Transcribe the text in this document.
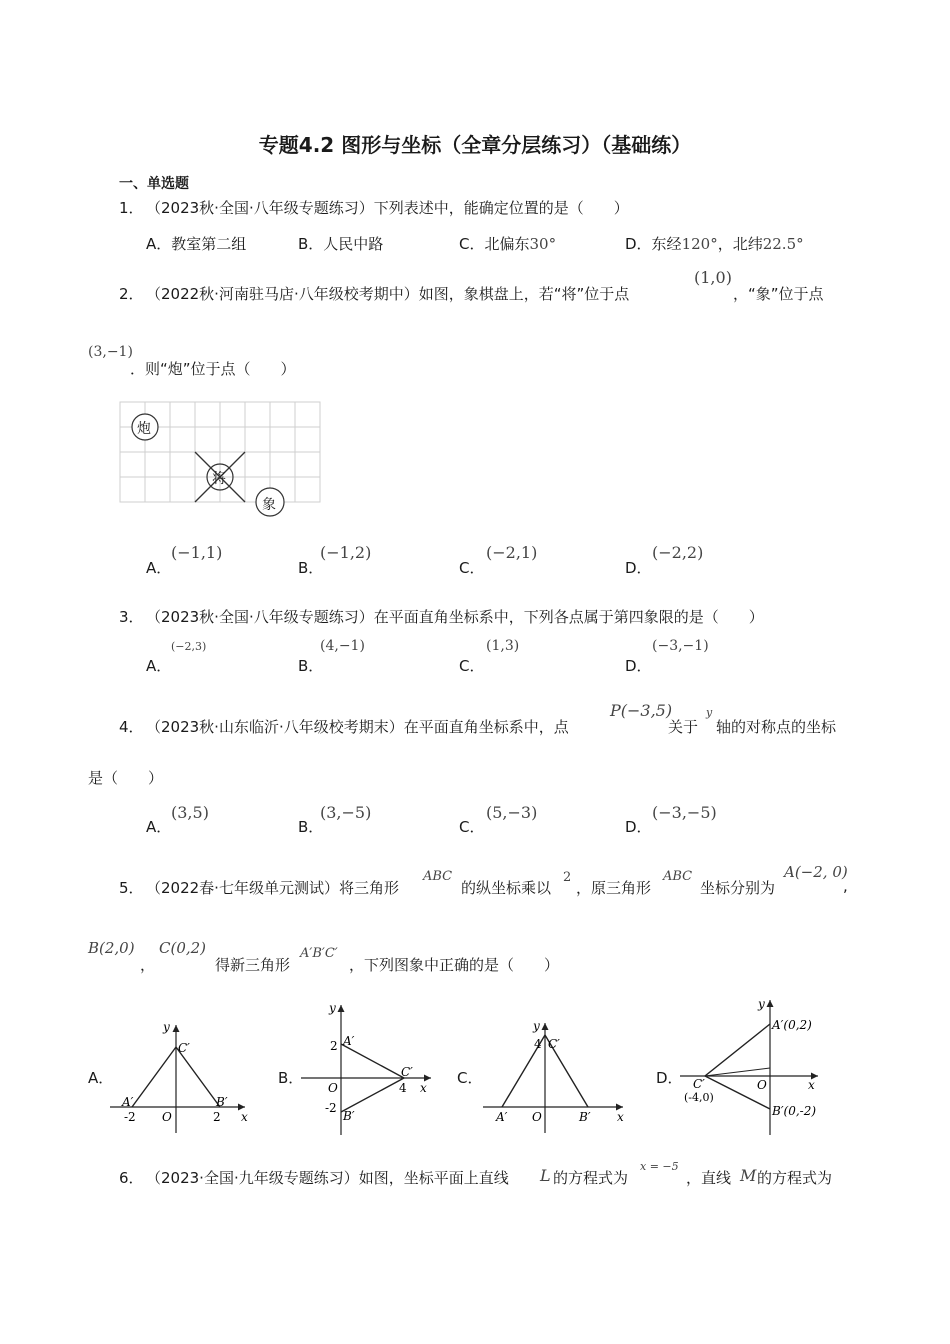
专题4.2 图形与坐标（全章分层练习）（基础练）
一、单选题
1． （2023秋·全国·八年级专题练习）下列表述中，能确定位置的是（　　）
A．教室第二组	B．人民中路	C．北偏东30°	D．东经120°，北纬22.5°
2． （2022秋·河南驻马店·八年级校考期中）如图，象棋盘上，若“将”位于点
(1,0)
，“象”位于点
(3,−1)
．则“炮”位于点（　　）
炮
将
象
A．
(−1,1)
B．
(−1,2)
C．
(−2,1)
D．
(−2,2)
3． （2023秋·全国·八年级专题练习）在平面直角坐标系中，下列各点属于第四象限的是（　　）
A．
(−2,3)
B．
(4,−1)
C．
(1,3)
D．
(−3,−1)
4． （2023秋·山东临沂·八年级校考期末）在平面直角坐标系中，点
P(−3,5)
关于
y
轴的对称点的坐标
是（　　）
A．
(3,5)
B．
(3,−5)
C．
(5,−3)
D．
(−3,−5)
5． （2022春·七年级单元测试）将三角形
ABC
的纵坐标乘以
2
，原三角形
ABC
坐标分别为
A(−2, 0)
,
B(2,0)
，
C(0,2)
得新三角形
A′B′C′
，下列图象中正确的是（　　）
A．	B．	C．	D．
y
x
O
C′
A′	B′
-2	2
y
x
O
A′
B′
C′
2
-2
4
y
x
O
C′
4
A′	B′
y
x
O
A′(0,2)
B′(0,-2)
C′
(-4,0)
6． （2023·全国·九年级专题练习）如图，坐标平面上直线 L 的方程式为
x = −5
，直线 M 的方程式为
